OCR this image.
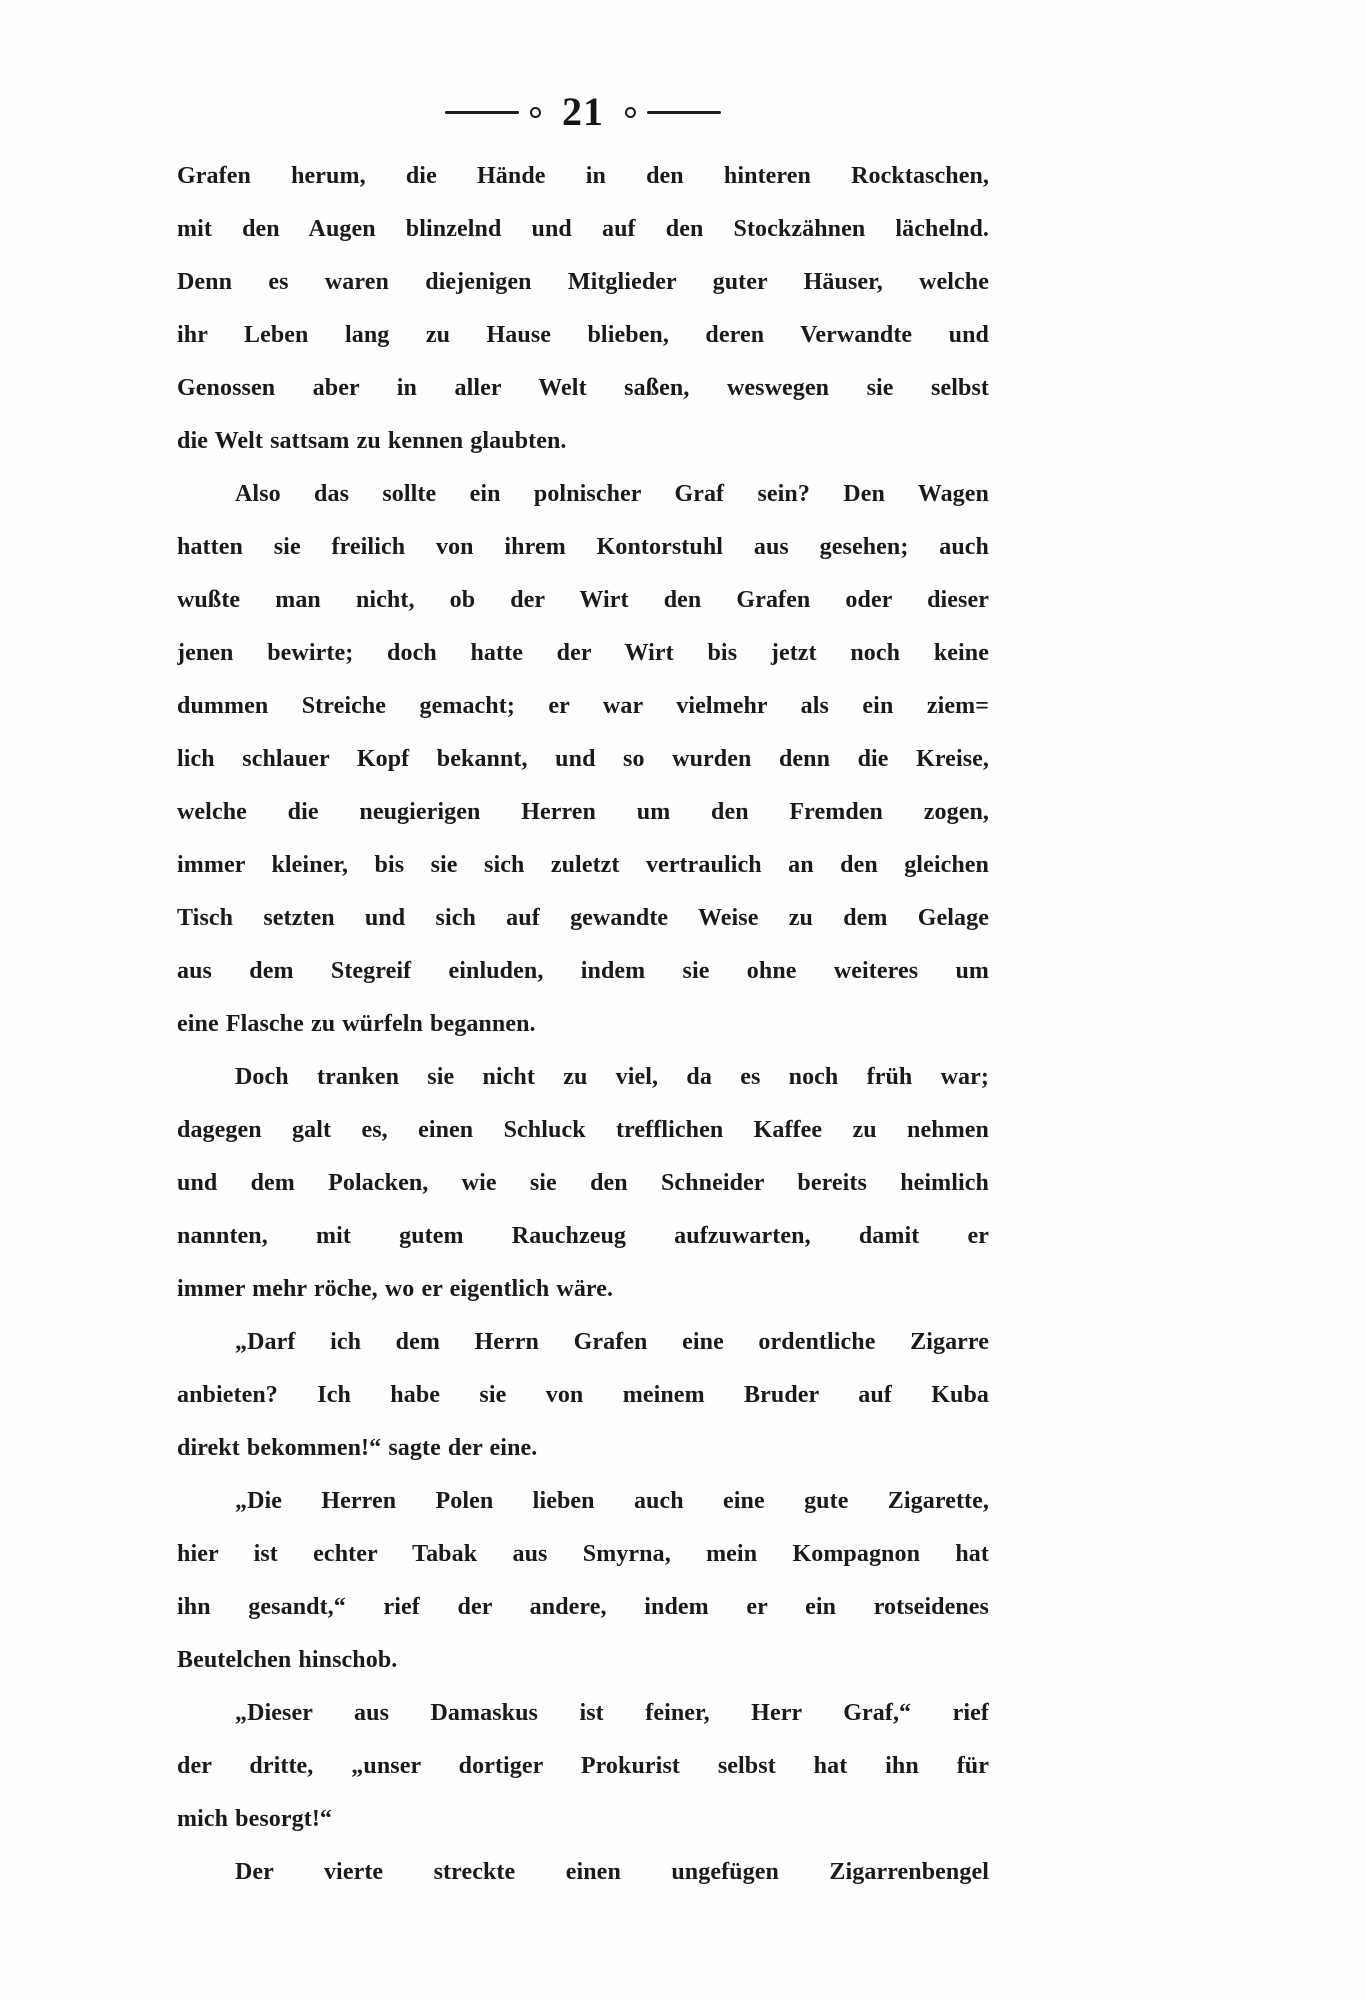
21
Grafen herum, die Hände in den hinteren Rocktaschen,
mit den Augen blinzelnd und auf den Stockzähnen lächelnd.
Denn es waren diejenigen Mitglieder guter Häuser, welche
ihr Leben lang zu Hause blieben, deren Verwandte und
Genossen aber in aller Welt saßen, weswegen sie selbst
die Welt sattsam zu kennen glaubten.
Also das sollte ein polnischer Graf sein? Den Wagen
hatten sie freilich von ihrem Kontorstuhl aus gesehen; auch
wußte man nicht, ob der Wirt den Grafen oder dieser
jenen bewirte; doch hatte der Wirt bis jetzt noch keine
dummen Streiche gemacht; er war vielmehr als ein ziem=
lich schlauer Kopf bekannt, und so wurden denn die Kreise,
welche die neugierigen Herren um den Fremden zogen,
immer kleiner, bis sie sich zuletzt vertraulich an den gleichen
Tisch setzten und sich auf gewandte Weise zu dem Gelage
aus dem Stegreif einluden, indem sie ohne weiteres um
eine Flasche zu würfeln begannen.
Doch tranken sie nicht zu viel, da es noch früh war;
dagegen galt es, einen Schluck trefflichen Kaffee zu nehmen
und dem Polacken, wie sie den Schneider bereits heimlich
nannten, mit gutem Rauchzeug aufzuwarten, damit er
immer mehr röche, wo er eigentlich wäre.
„Darf ich dem Herrn Grafen eine ordentliche Zigarre
anbieten? Ich habe sie von meinem Bruder auf Kuba
direkt bekommen!“ sagte der eine.
„Die Herren Polen lieben auch eine gute Zigarette,
hier ist echter Tabak aus Smyrna, mein Kompagnon hat
ihn gesandt,“ rief der andere, indem er ein rotseidenes
Beutelchen hinschob.
„Dieser aus Damaskus ist feiner, Herr Graf,“ rief
der dritte, „unser dortiger Prokurist selbst hat ihn für
mich besorgt!“
Der vierte streckte einen ungefügen Zigarrenbengel
